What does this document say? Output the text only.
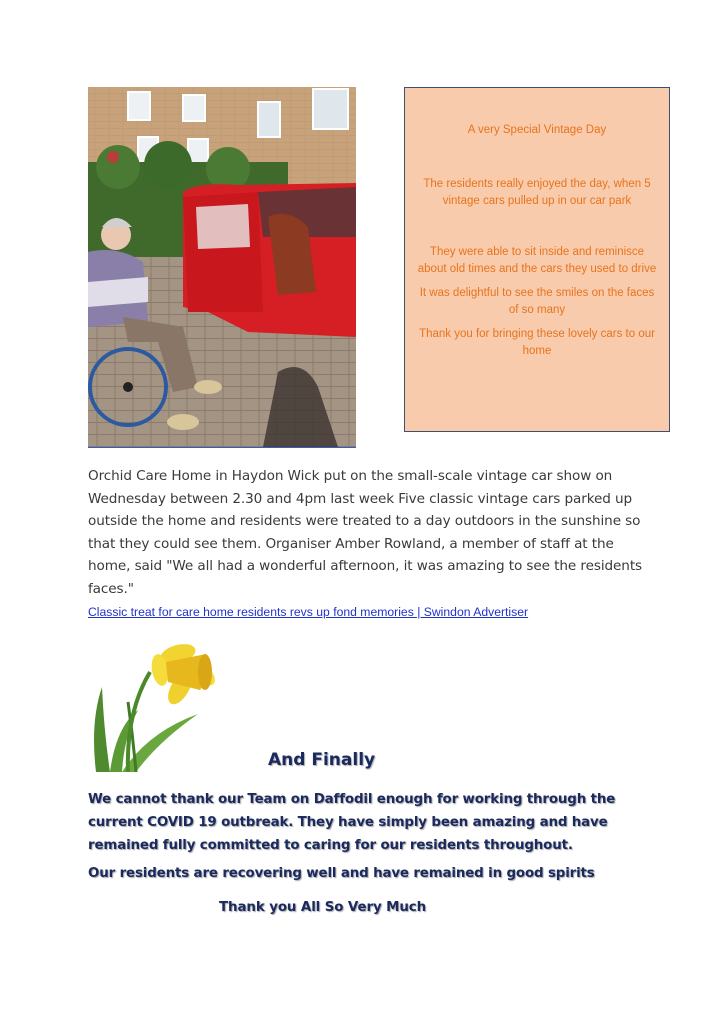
A very Special Vintage Day

The residents really enjoyed the day, when 5 vintage cars pulled up in our car park

They were able to sit inside and reminisce about old times and the cars they used to drive

It was delightful to see the smiles on the faces of so many

Thank you for bringing these lovely cars to our home

Orchid Care Home in Haydon Wick put on the small-scale vintage car show on Wednesday between 2.30 and 4pm last week Five classic vintage cars parked up outside the home and residents were treated to a day outdoors in the sunshine so that they could see them. Organiser Amber Rowland, a member of staff at the home, said "We all had a wonderful afternoon, it was amazing to see the residents faces."

Classic treat for care home residents revs up fond memories | Swindon Advertiser

And Finally

We cannot thank our Team on Daffodil enough for working through the current COVID 19 outbreak. They have simply been amazing and have remained fully committed to caring for our residents throughout.

Our residents are recovering well and have remained in good spirits

Thank you All So Very Much
